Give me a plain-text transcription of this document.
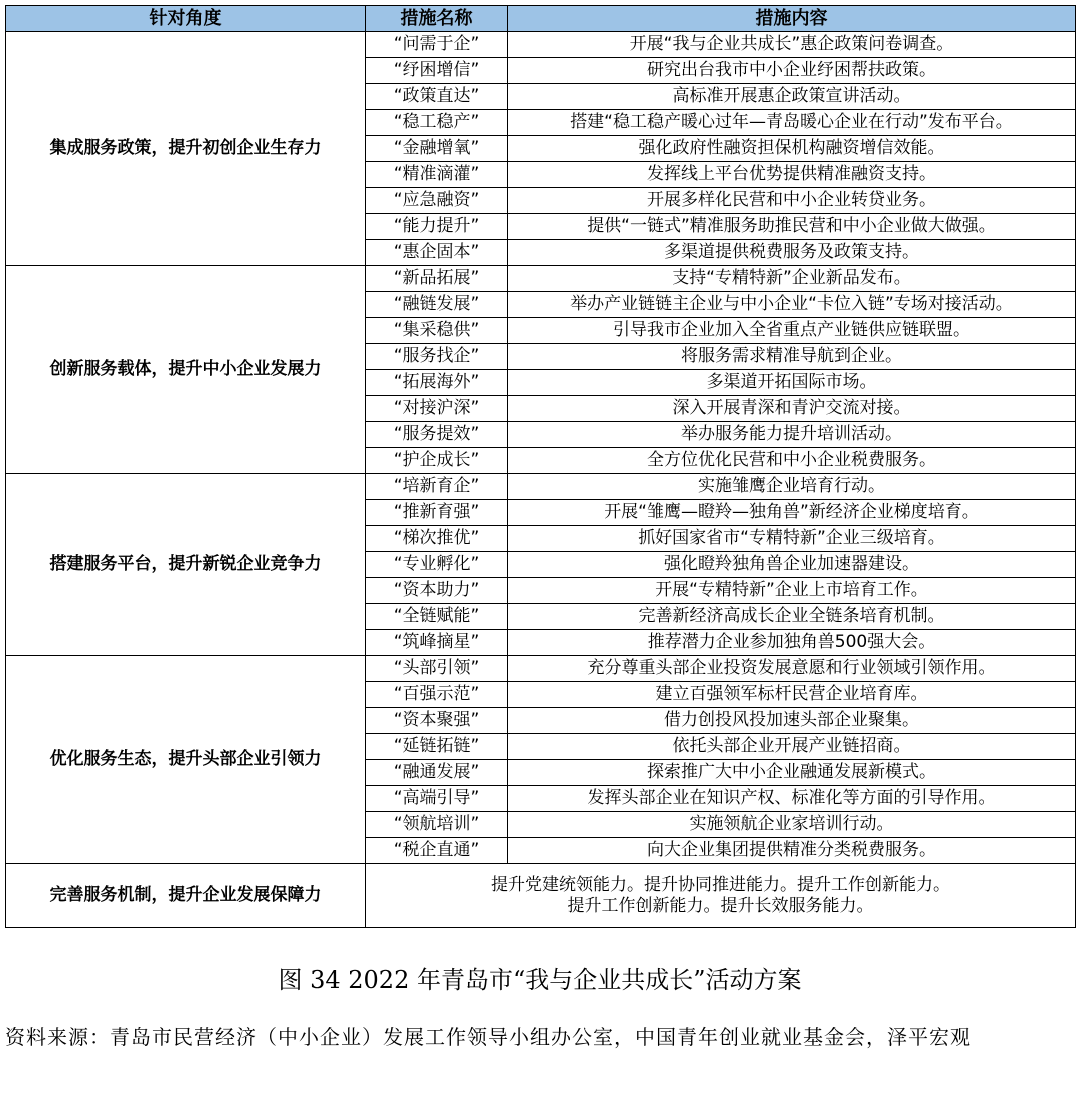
针对角度	措施名称	措施内容
集成服务政策，提升初创企业生存力	“问需于企”	开展“我与企业共成长”惠企政策问卷调查。
	“纾困增信”	研究出台我市中小企业纾困帮扶政策。
	“政策直达”	高标准开展惠企政策宣讲活动。
	“稳工稳产”	搭建“稳工稳产暖心过年—青岛暖心企业在行动”发布平台。
	“金融增氧”	强化政府性融资担保机构融资增信效能。
	“精准滴灌”	发挥线上平台优势提供精准融资支持。
	“应急融资”	开展多样化民营和中小企业转贷业务。
	“能力提升”	提供“一链式”精准服务助推民营和中小企业做大做强。
	“惠企固本”	多渠道提供税费服务及政策支持。
创新服务载体，提升中小企业发展力	“新品拓展”	支持“专精特新”企业新品发布。
	“融链发展”	举办产业链链主企业与中小企业“卡位入链”专场对接活动。
	“集采稳供”	引导我市企业加入全省重点产业链供应链联盟。
	“服务找企”	将服务需求精准导航到企业。
	“拓展海外”	多渠道开拓国际市场。
	“对接沪深”	深入开展青深和青沪交流对接。
	“服务提效”	举办服务能力提升培训活动。
	“护企成长”	全方位优化民营和中小企业税费服务。
搭建服务平台，提升新锐企业竞争力	“培新育企”	实施雏鹰企业培育行动。
	“推新育强”	开展“雏鹰—瞪羚—独角兽”新经济企业梯度培育。
	“梯次推优”	抓好国家省市“专精特新”企业三级培育。
	“专业孵化”	强化瞪羚独角兽企业加速器建设。
	“资本助力”	开展“专精特新”企业上市培育工作。
	“全链赋能”	完善新经济高成长企业全链条培育机制。
	“筑峰摘星”	推荐潜力企业参加独角兽500强大会。
优化服务生态，提升头部企业引领力	“头部引领”	充分尊重头部企业投资发展意愿和行业领域引领作用。
	“百强示范”	建立百强领军标杆民营企业培育库。
	“资本聚强”	借力创投风投加速头部企业聚集。
	“延链拓链”	依托头部企业开展产业链招商。
	“融通发展”	探索推广大中小企业融通发展新模式。
	“高端引导”	发挥头部企业在知识产权、标准化等方面的引导作用。
	“领航培训”	实施领航企业家培训行动。
	“税企直通”	向大企业集团提供精准分类税费服务。
完善服务机制，提升企业发展保障力	提升党建统领能力。提升协同推进能力。提升工作创新能力。
提升工作创新能力。提升长效服务能力。	
图 34 2022 年青岛市“我与企业共成长”活动方案
资料来源：青岛市民营经济（中小企业）发展工作领导小组办公室，中国青年创业就业基金会，泽平宏观
